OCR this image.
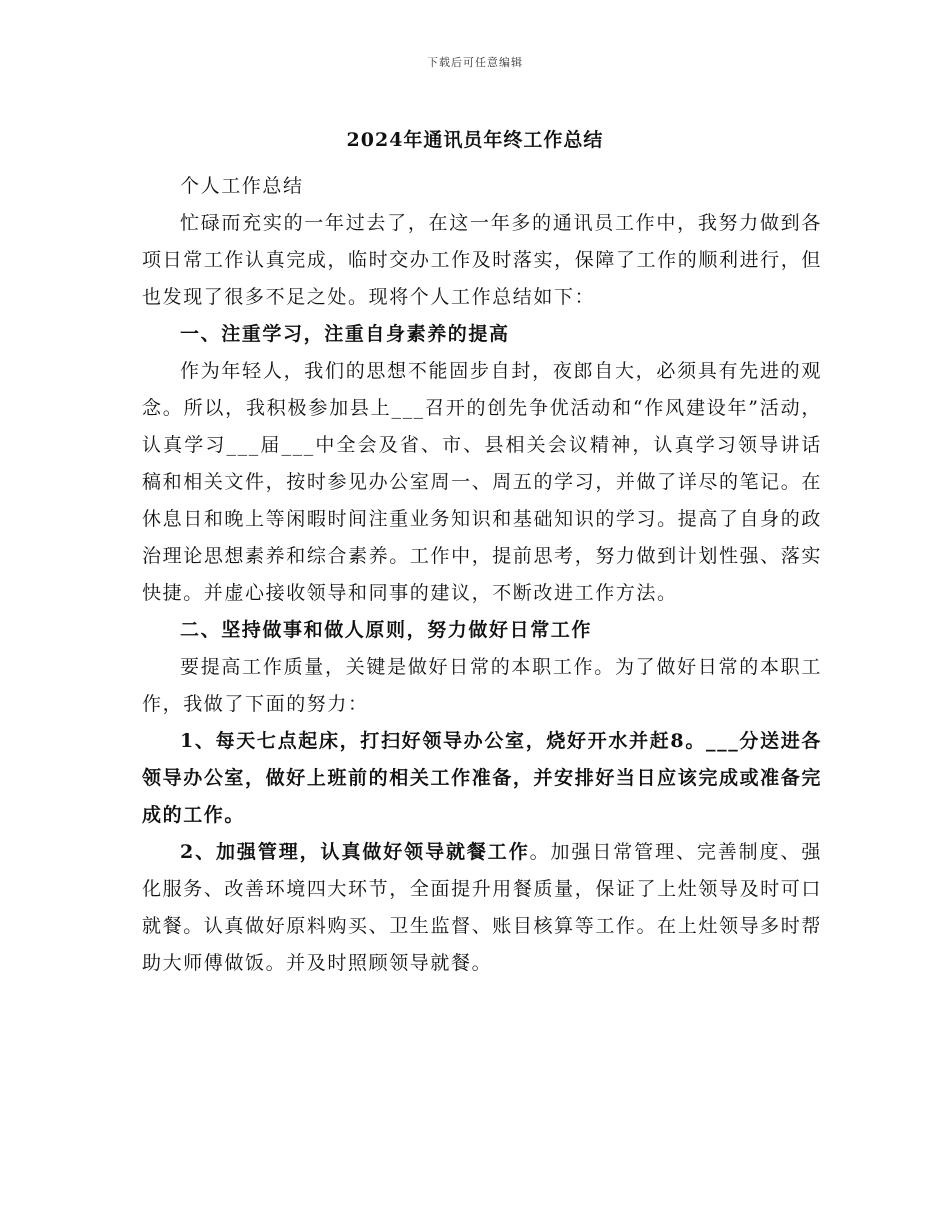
下载后可任意编辑
2024年通讯员年终工作总结

个人工作总结

忙碌而充实的一年过去了，在这一年多的通讯员工作中，我努力做到各项日常工作认真完成，临时交办工作及时落实，保障了工作的顺利进行，但也发现了很多不足之处。现将个人工作总结如下：

一、注重学习，注重自身素养的提高

作为年轻人，我们的思想不能固步自封，夜郎自大，必须具有先进的观念。所以，我积极参加县上___召开的创先争优活动和“作风建设年”活动，认真学习___届___中全会及省、市、县相关会议精神，认真学习领导讲话稿和相关文件，按时参见办公室周一、周五的学习，并做了详尽的笔记。在休息日和晚上等闲暇时间注重业务知识和基础知识的学习。提高了自身的政治理论思想素养和综合素养。工作中，提前思考，努力做到计划性强、落实快捷。并虚心接收领导和同事的建议，不断改进工作方法。

二、坚持做事和做人原则，努力做好日常工作

要提高工作质量，关键是做好日常的本职工作。为了做好日常的本职工作，我做了下面的努力：

1、每天七点起床，打扫好领导办公室，烧好开水并赶8。___分送进各领导办公室，做好上班前的相关工作准备，并安排好当日应该完成或准备完成的工作。

2、加强管理，认真做好领导就餐工作。加强日常管理、完善制度、强化服务、改善环境四大环节，全面提升用餐质量，保证了上灶领导及时可口就餐。认真做好原料购买、卫生监督、账目核算等工作。在上灶领导多时帮助大师傅做饭。并及时照顾领导就餐。
